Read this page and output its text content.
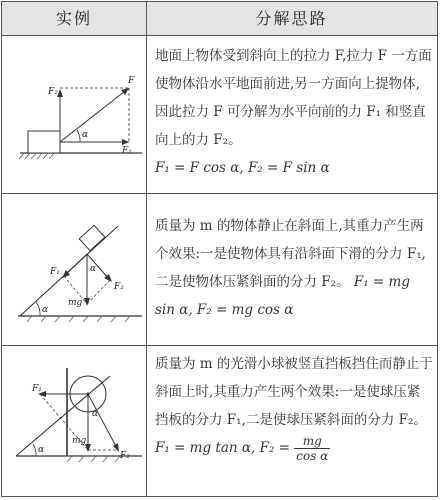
实例	分解思路
F₂
F
F₁
α
地面上物体受到斜向上的拉力 F,拉力 F 一方面使物体沿水平地面前进,另一方面向上提物体,因此拉力 F 可分解为水平向前的力 F₁ 和竖直向上的力 F₂。
F₁ = F cos α, F₂ = F sin α
F₁
F₂
α
α
mg
质量为 m 的物体静止在斜面上,其重力产生两个效果:一是使物体具有沿斜面下滑的分力 F₁,二是使物体压紧斜面的分力 F₂。 F₁ = mg sin α, F₂ = mg cos α
F₁
F₂
α
α
mg
质量为 m 的光滑小球被竖直挡板挡住而静止于斜面上时,其重力产生两个效果:一是使球压紧挡板的分力 F₁,二是使球压紧斜面的分力 F₂。 F₁ = mg tan α, $F_2 = \frac{mg}{\text{cos α}}$
